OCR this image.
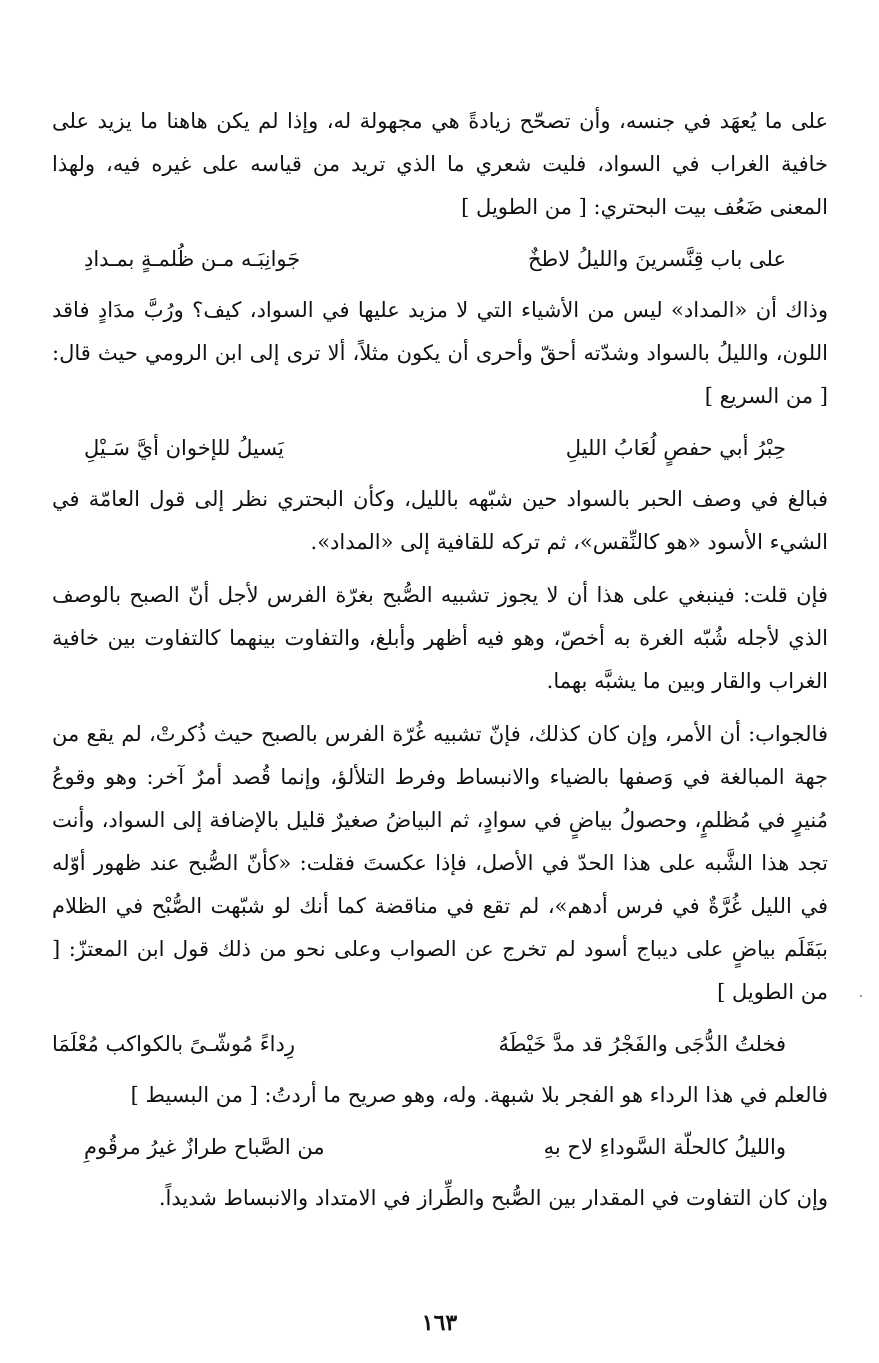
على ما يُعهَد في جنسه، وأن تصحّح زيادةً هي مجهولة له، وإذا لم يكن هاهنا ما يزيد على خافية الغراب في السواد، فليت شعري ما الذي تريد من قياسه على غيره فيه، ولهذا المعنى ضَعُف بيت البحتري: [ من الطويل ]

على باب قِنَّسرينَ والليلُ لاطخٌ
جَوانِبَـه مـن ظُلمـةٍ بمـدادِ

وذاك أن «المداد» ليس من الأشياء التي لا مزيد عليها في السواد، كيف؟ ورُبَّ مدَادٍ فاقد اللون، والليلُ بالسواد وشدّته أحقّ وأحرى أن يكون مثلاً، ألا ترى إلى ابن الرومي حيث قال: [ من السريع ]

حِبْرُ أبي حفصٍ لُعَابُ الليلِ
يَسيلُ للإخوان أيَّ سَـيْلِ

فبالغ في وصف الحبر بالسواد حين شبّهه بالليل، وكأن البحتري نظر إلى قول العامّة في الشيء الأسود «هو كالنِّقس»، ثم تركه للقافية إلى «المداد».

فإن قلت: فينبغي على هذا أن لا يجوز تشبيه الصُّبح بغرّة الفرس لأجل أنّ الصبح بالوصف الذي لأجله شُبّه الغرة به أخصّ، وهو فيه أظهر وأبلغ، والتفاوت بينهما كالتفاوت بين خافية الغراب والقار وبين ما يشبَّه بهما.

فالجواب: أن الأمر، وإن كان كذلك، فإنّ تشبيه غُرّة الفرس بالصبح حيث ذُكرتْ، لم يقع من جهة المبالغة في وَصفها بالضياء والانبساط وفرط التلألؤ، وإنما قُصد أمرٌ آخر: وهو وقوعُ مُنيرٍ في مُظلمٍ، وحصولُ بياضٍ في سوادٍ، ثم البياضُ صغيرٌ قليل بالإضافة إلى السواد، وأنت تجد هذا الشَّبه على هذا الحدّ في الأصل، فإذا عكستَ فقلت: «كأنّ الصُّبح عند ظهور أوّله في الليل غُرَّةٌ في فرس أدهم»، لم تقع في مناقضة كما أنك لو شبّهت الصُّبْح في الظلام ببَقَلَم بياضٍ على ديباج أسود لم تخرج عن الصواب وعلى نحو من ذلك قول ابن المعتزّ: [ من الطويل ]

فخلتُ الدُّجَى والفَجْرُ قد مدَّ خَيْطَهُ
رِداءً مُوشّـىً بالكواكب مُعْلَمَا

فالعلم في هذا الرداء هو الفجر بلا شبهة. وله، وهو صريح ما أردتُ: [ من البسيط ]

والليلُ كالحلّة السَّوداءِ لاح بهِ
من الصَّباح طرازٌ غيرُ مرقُومِ

وإن كان التفاوت في المقدار بين الصُّبح والطِّراز في الامتداد والانبساط شديداً.

١٦٣
